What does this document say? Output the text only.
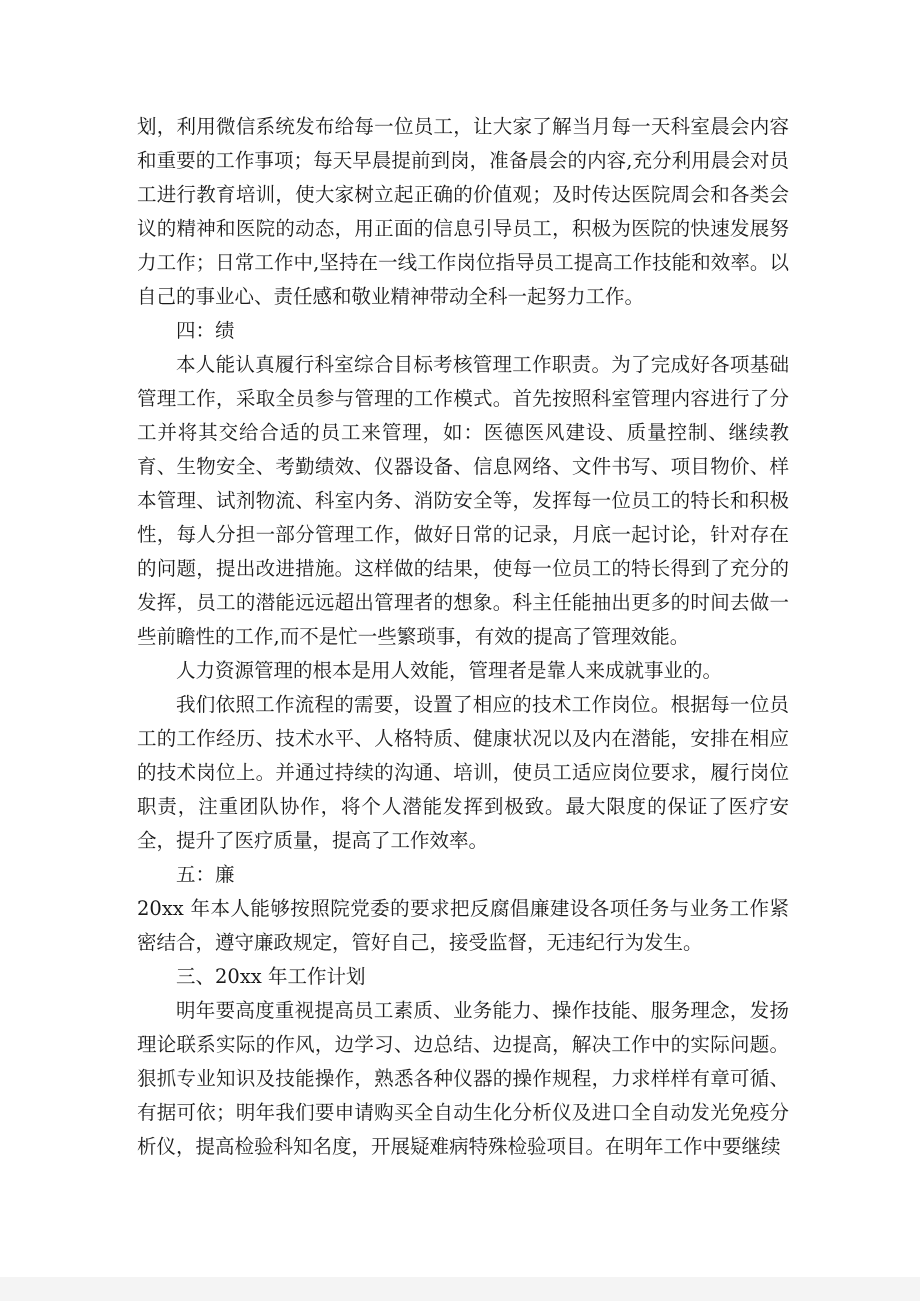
划，利用微信系统发布给每一位员工，让大家了解当月每一天科室晨会内容和重要的工作事项；每天早晨提前到岗，准备晨会的内容,充分利用晨会对员工进行教育培训，使大家树立起正确的价值观；及时传达医院周会和各类会议的精神和医院的动态，用正面的信息引导员工，积极为医院的快速发展努力工作；日常工作中,坚持在一线工作岗位指导员工提高工作技能和效率。以自己的事业心、责任感和敬业精神带动全科一起努力工作。

四：绩

本人能认真履行科室综合目标考核管理工作职责。为了完成好各项基础管理工作，采取全员参与管理的工作模式。首先按照科室管理内容进行了分工并将其交给合适的员工来管理，如：医德医风建设、质量控制、继续教育、生物安全、考勤绩效、仪器设备、信息网络、文件书写、项目物价、样本管理、试剂物流、科室内务、消防安全等，发挥每一位员工的特长和积极性，每人分担一部分管理工作，做好日常的记录，月底一起讨论，针对存在的问题，提出改进措施。这样做的结果，使每一位员工的特长得到了充分的发挥，员工的潜能远远超出管理者的想象。科主任能抽出更多的时间去做一些前瞻性的工作,而不是忙一些繁琐事，有效的提高了管理效能。

人力资源管理的根本是用人效能，管理者是靠人来成就事业的。

我们依照工作流程的需要，设置了相应的技术工作岗位。根据每一位员工的工作经历、技术水平、人格特质、健康状况以及内在潜能，安排在相应的技术岗位上。并通过持续的沟通、培训，使员工适应岗位要求，履行岗位职责，注重团队协作，将个人潜能发挥到极致。最大限度的保证了医疗安全，提升了医疗质量，提高了工作效率。

五：廉

20xx 年本人能够按照院党委的要求把反腐倡廉建设各项任务与业务工作紧密结合，遵守廉政规定，管好自己，接受监督，无违纪行为发生。

三、20xx 年工作计划

明年要高度重视提高员工素质、业务能力、操作技能、服务理念，发扬理论联系实际的作风，边学习、边总结、边提高，解决工作中的实际问题。狠抓专业知识及技能操作，熟悉各种仪器的操作规程，力求样样有章可循、有据可依；明年我们要申请购买全自动生化分析仪及进口全自动发光免疫分析仪，提高检验科知名度，开展疑难病特殊检验项目。在明年工作中要继续
